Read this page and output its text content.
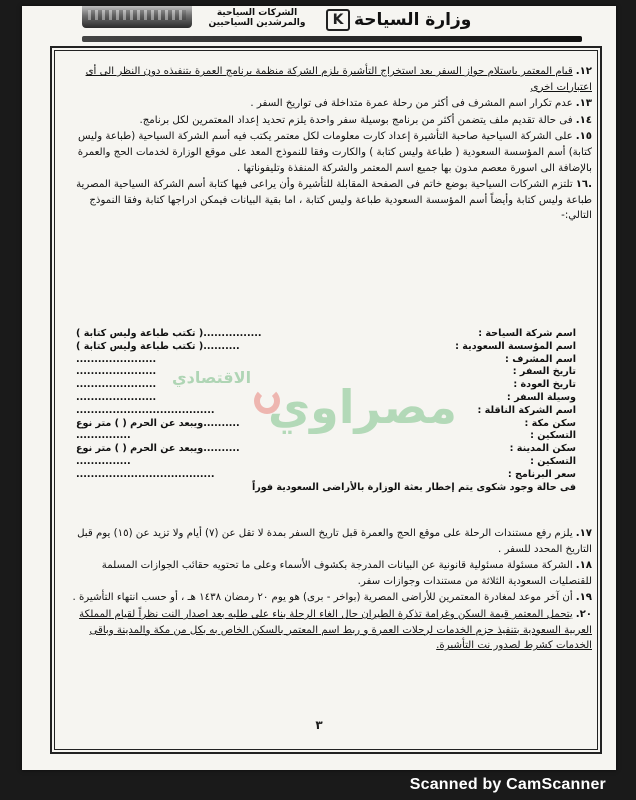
الشركات السياحية
والمرشدين السياحيين	K وزارة السياحة
١٢.قيام المعتمر باستلام جواز السفر بعد استخراج التأشيرة يلزم الشركة منظمة برنامج العمرة بتنفيذه دون النظر الى أى اعتبارات اخرى
١٣.عدم تكرار اسم المشرف فى أكثر من رحلة عمرة متداخلة فى تواريخ السفر .
١٤.فى حالة تقديم ملف يتضمن أكثر من برنامج بوسيلة سفر واحدة يلزم تحديد إعداد المعتمرين لكل برنامج.
١٥.على الشركة السياحية صاحبة التأشيرة إعداد كارت معلومات لكل معتمر يكتب فيه أسم الشركة السياحية (طباعة وليس كتابة) أسم المؤسسة السعودية ( طباعة وليس كتابة ) والكارت وفقا للنموذج المعد على موقع الوزارة لخدمات الحج والعمرة بالإضافة الى اسورة معصم مدون بها جميع اسم المعتمر والشركة المنفذة وتليفوناتها .
.١٦تلتزم الشركات السياحية بوضع خاتم فى الصفحة المقابلة للتأشيرة وأن يراعى فيها كتابة أسم الشركة السياحية المصرية طباعة وليس كتابة وأيضاً أسم المؤسسة السعودية طباعة وليس كتابة ، اما بقية البيانات فيمكن ادراجها كتابة وفقا النموذج التالي:-
الاقتصادي
مصراوي
اسم شركة السياحة :
................( تكتب طباعة وليس كتابة )
اسم المؤسسة السعودية :
..........( تكتب طباعة وليس كتابة )
اسم المشرف :
......................
تاريخ السفر :
......................
تاريخ العودة :
......................
وسيلة السفر :
......................
اسم الشركة الناقلة :
......................................
سكن مكة :
..........ويبعد عن الحرم ( ) متر نوع
التسكين :
...............
سكن المدينة :
..........ويبعد عن الحرم ( ) متر نوع
التسكين :
...............
سعر البرنامج :
......................................
فى حالة وجود شكوى يتم إخطار بعثة الوزارة بالأراضى السعودية فوراً
١٧.يلزم رفع مستندات الرحلة على موقع الحج والعمرة قبل تاريخ السفر بمدة لا تقل عن (٧) أيام ولا تزيد عن (١٥) يوم قبل التاريخ المحدد للسفر .
١٨.الشركة مسئولة مسئولية قانونية عن البيانات المدرجة بكشوف الأسماء وعلى ما تحتويه حقائب الجوازات المسلمة للقنصليات السعودية الثلاثة من مستندات وجوازات سفر.
١٩.أن آخر موعد لمغادرة المعتمرين للأراضى المصرية (بواخر - برى) هو يوم ٢٠ رمضان ١٤٣٨ هـ ، أو حسب انتهاء التأشيرة .
٢٠.يتحمل المعتمر قيمة السكن وغرامة تذكرة الطيران حال الغاء الرحلة بناء على طلبه بعد اصدار النت نظراً لقيام المملكة العربية السعودية بتنفيذ حزم الخدمات لرحلات العمرة و ربط اسم المعتمر بالسكن الخاص به بكل من مكة والمدينة وباقى الخدمات كشرط لصدور نت التأشيرة.
٣
Scanned by CamScanner
